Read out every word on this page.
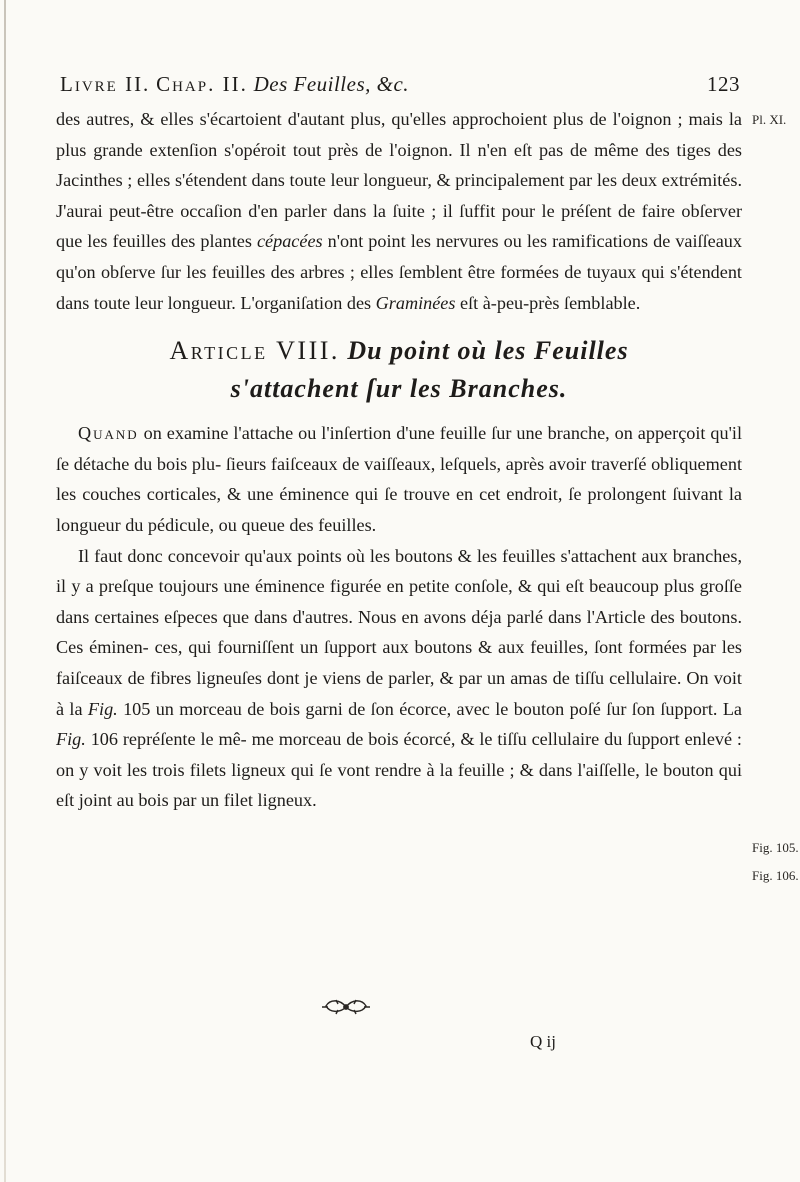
Livre II. Chap. II. Des Feuilles, &c.	123
Pl. XI.

des autres, & elles s'écartoient d'autant plus, qu'elles approchoient plus de l'oignon ; mais la plus grande extenſion s'opéroit tout près de l'oignon. Il n'en eſt pas de même des tiges des Jacinthes ; elles s'étendent dans toute leur longueur, & principalement par les deux extrémités. J'aurai peut-être occaſion d'en parler dans la ſuite ; il ſuffit pour le préſent de faire obſerver que les feuilles des plantes cépacées n'ont point les nervures ou les ramifications de vaiſſeaux qu'on obſerve ſur les feuilles des arbres ; elles ſemblent être formées de tuyaux qui s'étendent dans toute leur longueur. L'organiſation des Graminées eſt à-peu-près ſemblable.

Article VIII. Du point où les Feuilles
s'attachent ſur les Branches.

Quand on examine l'attache ou l'inſertion d'une feuille ſur une branche, on apperçoit qu'il ſe détache du bois plu- ſieurs faiſceaux de vaiſſeaux, leſquels, après avoir traverſé obliquement les couches corticales, & une éminence qui ſe trouve en cet endroit, ſe prolongent ſuivant la longueur du pédicule, ou queue des feuilles.

Il faut donc concevoir qu'aux points où les boutons & les feuilles s'attachent aux branches, il y a preſque toujours une éminence figurée en petite conſole, & qui eſt beaucoup plus groſſe dans certaines eſpeces que dans d'autres. Nous en avons déja parlé dans l'Article des boutons. Ces éminen- ces, qui fourniſſent un ſupport aux boutons & aux feuilles, ſont formées par les faiſceaux de fibres ligneuſes dont je viens de parler, & par un amas de tiſſu cellulaire. On voit à la Fig. 105 un morceau de bois garni de ſon écorce, avec le bouton poſé ſur ſon ſupport. La Fig. 106 repréſente le mê- me morceau de bois écorcé, & le tiſſu cellulaire du ſupport enlevé : on y voit les trois filets ligneux qui ſe vont rendre à la feuille ; & dans l'aiſſelle, le bouton qui eſt joint au bois par un filet ligneux.

Fig. 105.
Fig. 106.
Q ij
